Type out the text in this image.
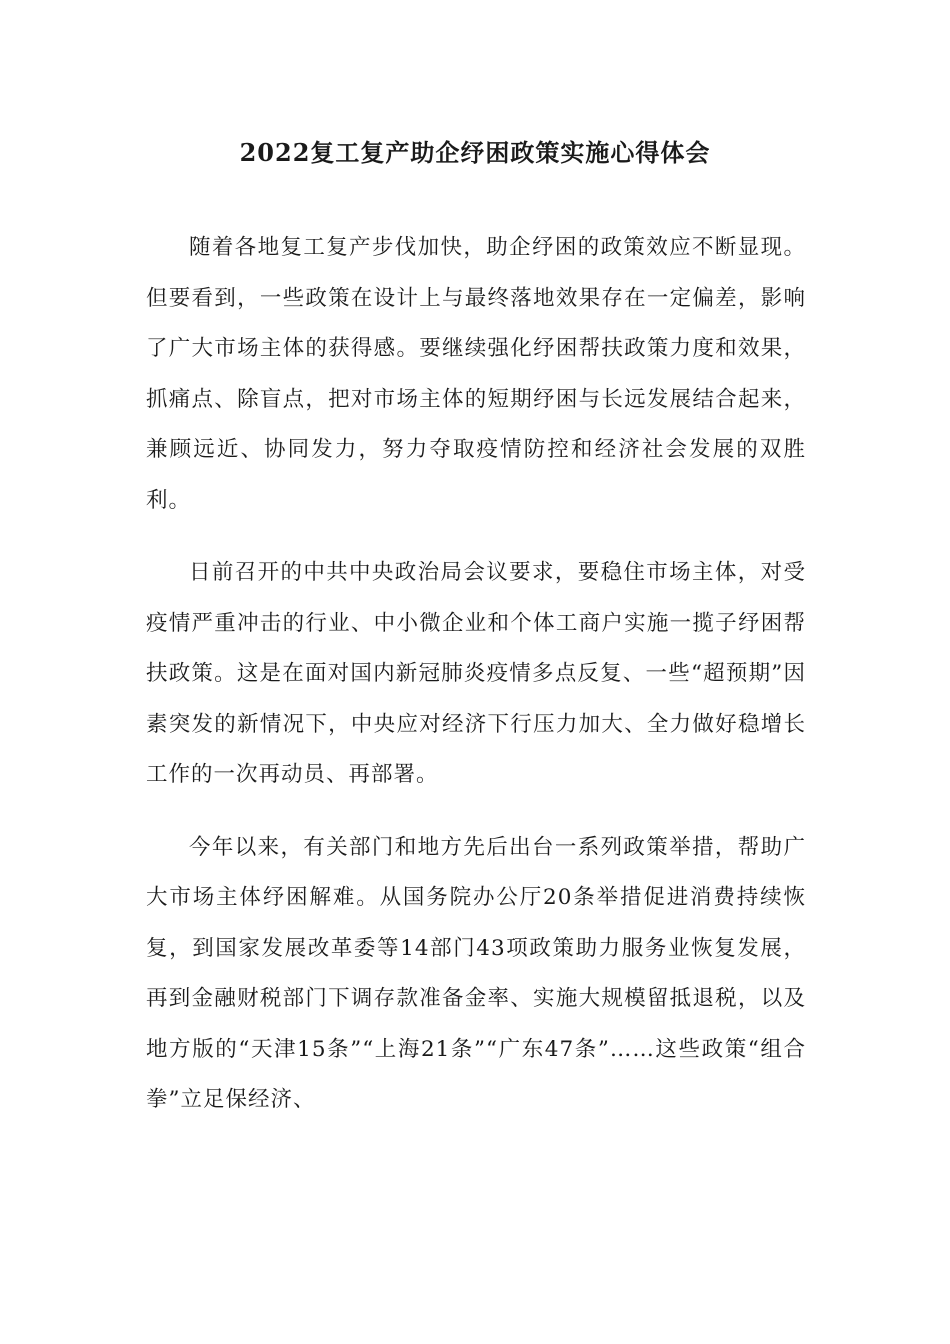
2022复工复产助企纾困政策实施心得体会

随着各地复工复产步伐加快，助企纾困的政策效应不断显现。但要看到，一些政策在设计上与最终落地效果存在一定偏差，影响了广大市场主体的获得感。要继续强化纾困帮扶政策力度和效果，抓痛点、除盲点，把对市场主体的短期纾困与长远发展结合起来，兼顾远近、协同发力，努力夺取疫情防控和经济社会发展的双胜利。

日前召开的中共中央政治局会议要求，要稳住市场主体，对受疫情严重冲击的行业、中小微企业和个体工商户实施一揽子纾困帮扶政策。这是在面对国内新冠肺炎疫情多点反复、一些“超预期”因素突发的新情况下，中央应对经济下行压力加大、全力做好稳增长工作的一次再动员、再部署。

今年以来，有关部门和地方先后出台一系列政策举措，帮助广大市场主体纾困解难。从国务院办公厅20条举措促进消费持续恢复，到国家发展改革委等14部门43项政策助力服务业恢复发展，再到金融财税部门下调存款准备金率、实施大规模留抵退税，以及地方版的“天津15条”“上海21条”“广东47条”……这些政策“组合拳”立足保经济、
